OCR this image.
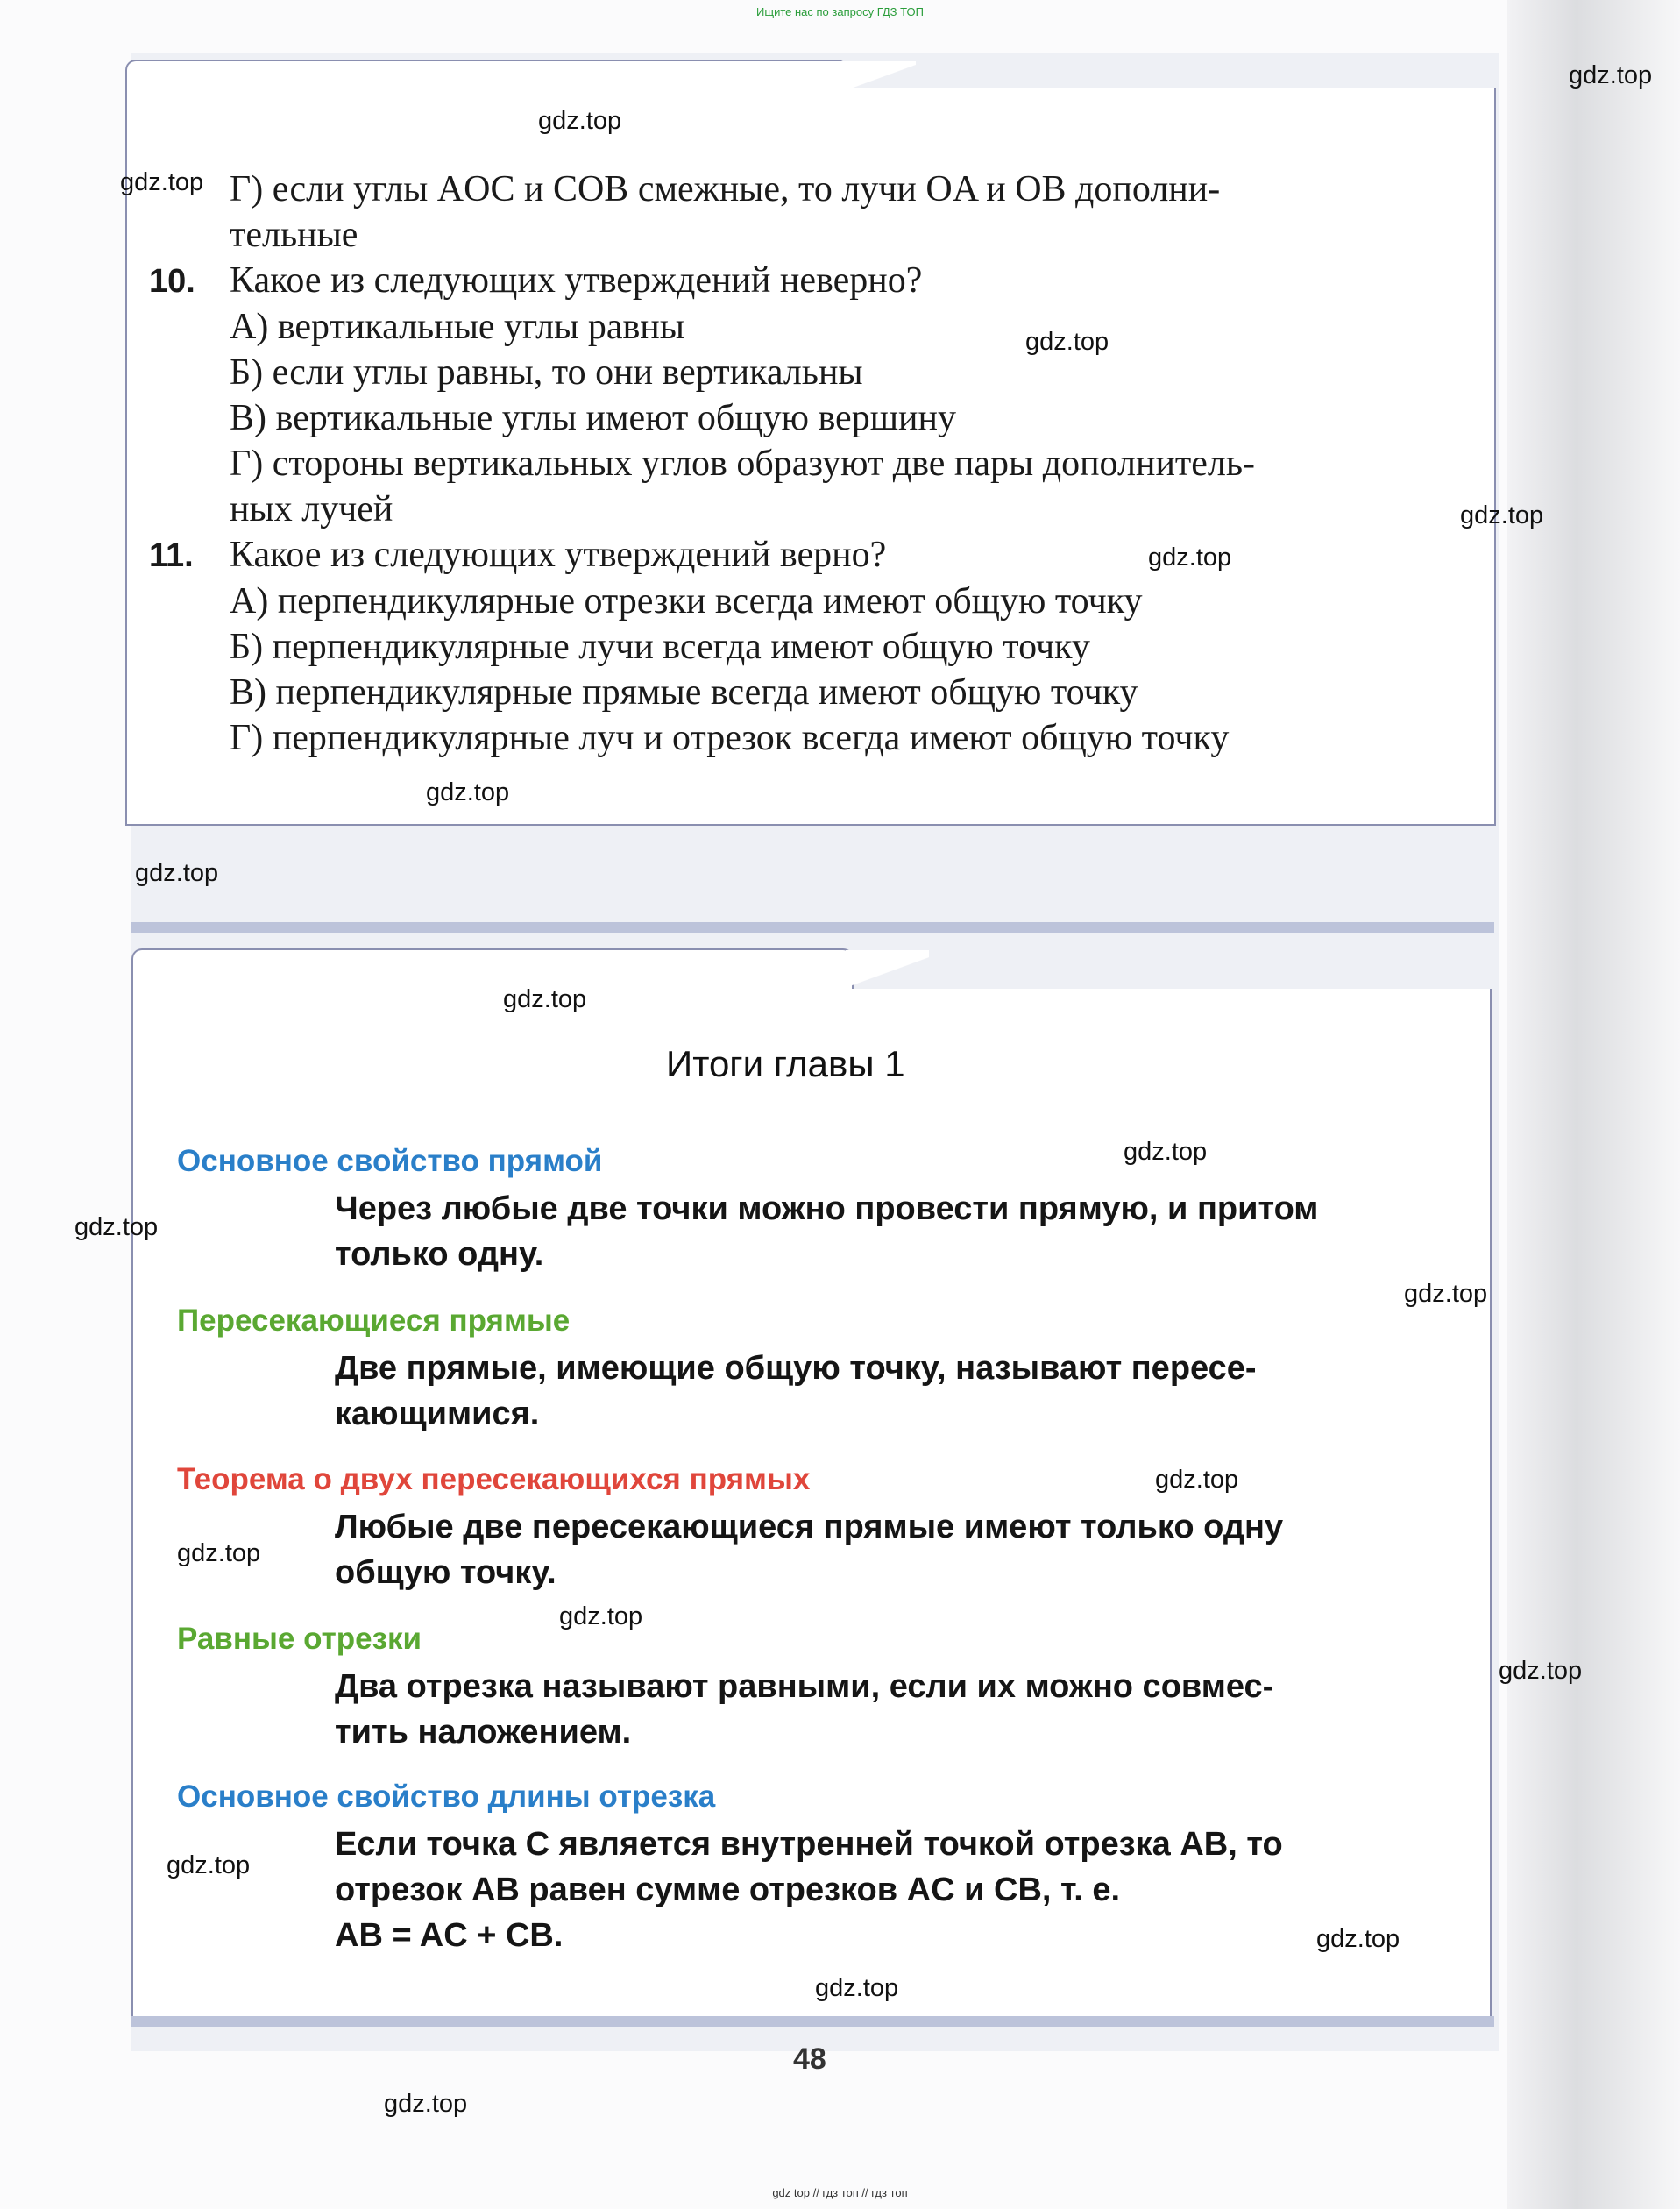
Ищите нас по запросу ГДЗ ТОП
Г) если углы AOC и COB смежные, то лучи OA и OB дополни-
тельные
10. Какое из следующих утверждений неверно?
А) вертикальные углы равны
Б) если углы равны, то они вертикальны
В) вертикальные углы имеют общую вершину
Г) стороны вертикальных углов образуют две пары дополнитель-
ных лучей
11. Какое из следующих утверждений верно?
А) перпендикулярные отрезки всегда имеют общую точку
Б) перпендикулярные лучи всегда имеют общую точку
В) перпендикулярные прямые всегда имеют общую точку
Г) перпендикулярные луч и отрезок всегда имеют общую точку
Итоги главы 1
Основное свойство прямой
Через любые две точки можно провести прямую, и притом
только одну.
Пересекающиеся прямые
Две прямые, имеющие общую точку, называют пересе-
кающимися.
Теорема о двух пересекающихся прямых
Любые две пересекающиеся прямые имеют только одну
общую точку.
Равные отрезки
Два отрезка называют равными, если их можно совмес-
тить наложением.
Основное свойство длины отрезка
Если точка C является внутренней точкой отрезка AB, то
отрезок AB равен сумме отрезков AC и CB, т. е.
AB = AC + CB.
48
gdz.top
gdz.top
gdz.top
gdz.top
gdz.top
gdz.top
gdz.top
gdz.top
gdz.top
gdz.top
gdz.top
gdz.top
gdz.top
gdz.top
gdz.top
gdz.top
gdz.top
gdz.top
gdz.top
gdz.top
gdz top // гдз топ // гдз топ
